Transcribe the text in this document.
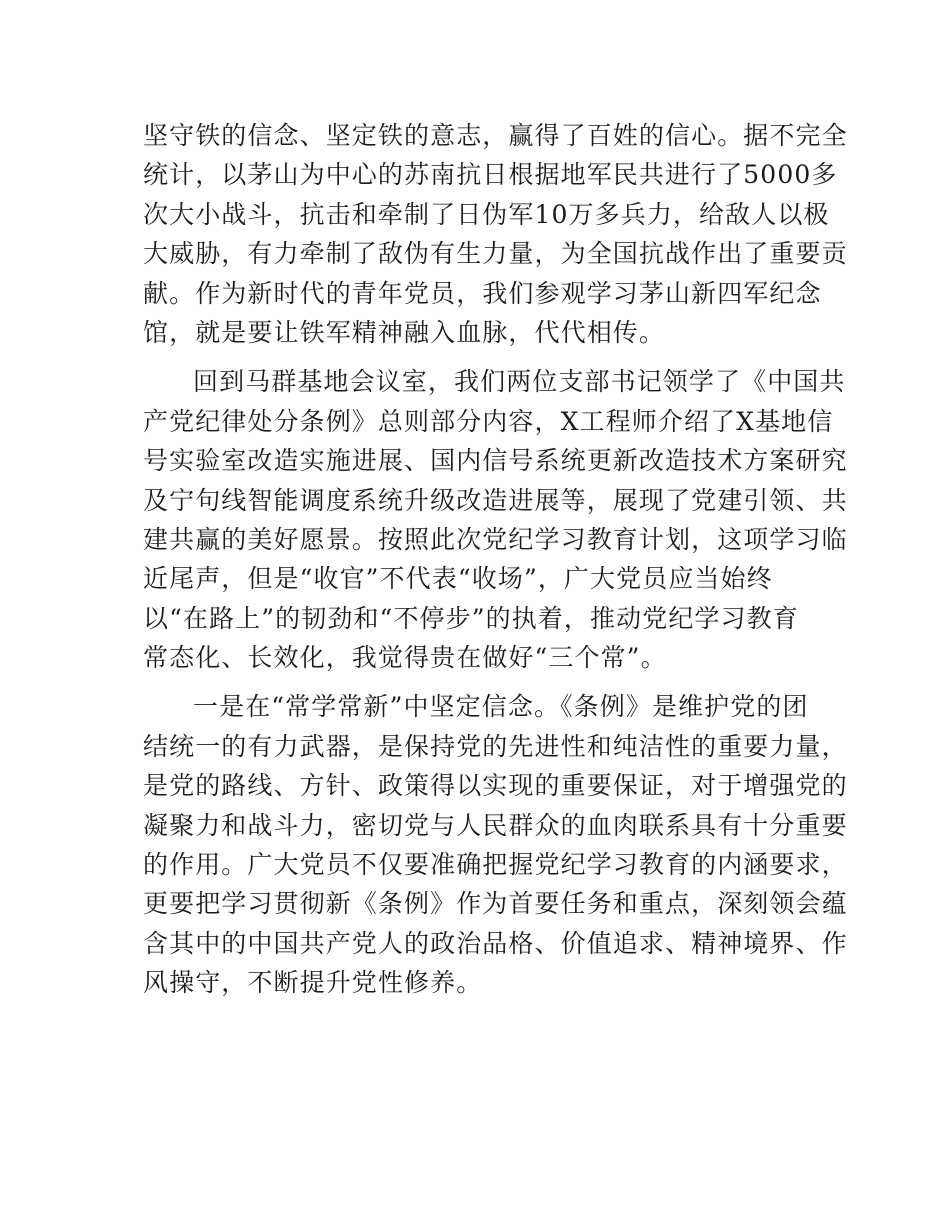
坚守铁的信念、坚定铁的意志，赢得了百姓的信心。据不完全
统计，以茅山为中心的苏南抗日根据地军民共进行了5000多
次大小战斗，抗击和牵制了日伪军10万多兵力，给敌人以极
大威胁，有力牵制了敌伪有生力量，为全国抗战作出了重要贡
献。作为新时代的青年党员，我们参观学习茅山新四军纪念
馆，就是要让铁军精神融入血脉，代代相传。

回到马群基地会议室，我们两位支部书记领学了《中国共
产党纪律处分条例》总则部分内容，X工程师介绍了X基地信
号实验室改造实施进展、国内信号系统更新改造技术方案研究
及宁句线智能调度系统升级改造进展等，展现了党建引领、共
建共赢的美好愿景。按照此次党纪学习教育计划，这项学习临
近尾声，但是“收官”不代表“收场”，广大党员应当始终
以“在路上”的韧劲和“不停步”的执着，推动党纪学习教育
常态化、长效化，我觉得贵在做好“三个常”。

一是在“常学常新”中坚定信念。《条例》是维护党的团
结统一的有力武器，是保持党的先进性和纯洁性的重要力量，
是党的路线、方针、政策得以实现的重要保证，对于增强党的
凝聚力和战斗力，密切党与人民群众的血肉联系具有十分重要
的作用。广大党员不仅要准确把握党纪学习教育的内涵要求，
更要把学习贯彻新《条例》作为首要任务和重点，深刻领会蕴
含其中的中国共产党人的政治品格、价值追求、精神境界、作
风操守，不断提升党性修养。
